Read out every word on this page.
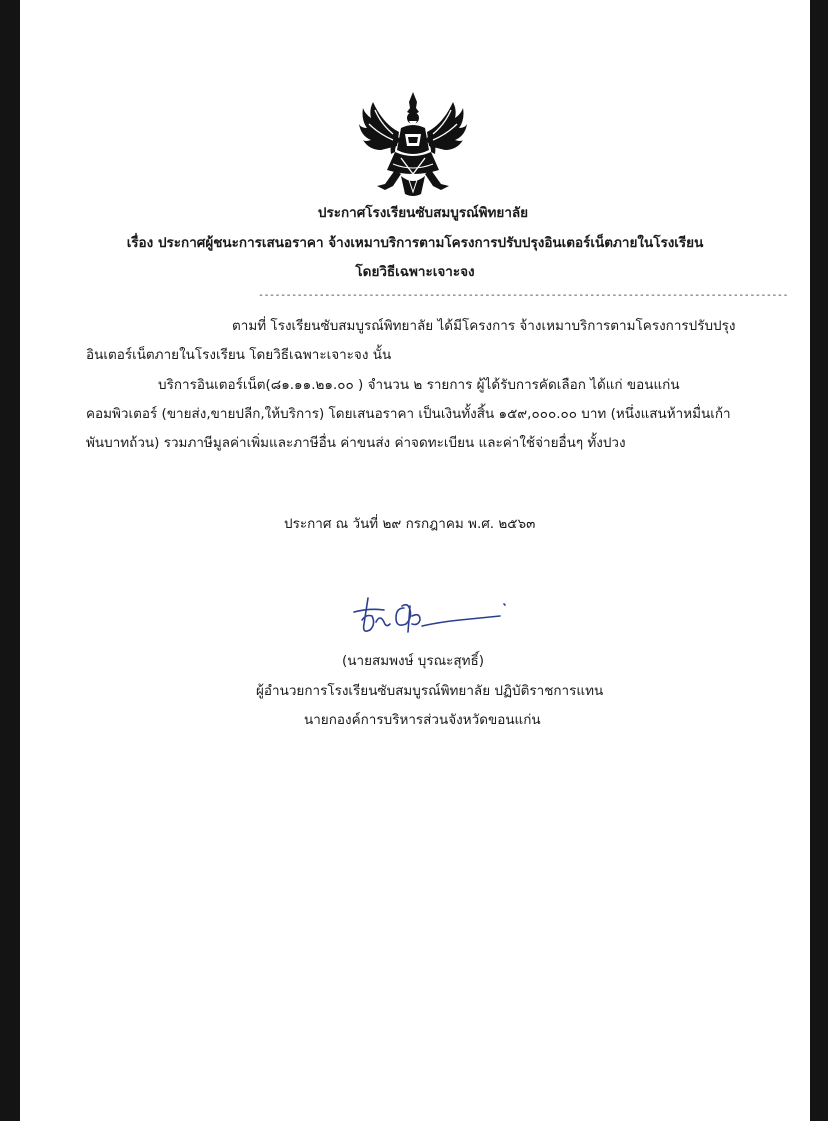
ประกาศโรงเรียนซับสมบูรณ์พิทยาลัย
เรื่อง ประกาศผู้ชนะการเสนอราคา จ้างเหมาบริการตามโครงการปรับปรุงอินเตอร์เน็ตภายในโรงเรียน
โดยวิธีเฉพาะเจาะจง
------------------------------------------------------------------------------------------------
ตามที่ โรงเรียนซับสมบูรณ์พิทยาลัย ได้มีโครงการ จ้างเหมาบริการตามโครงการปรับปรุง
อินเตอร์เน็ตภายในโรงเรียน โดยวิธีเฉพาะเจาะจง นั้น
บริการอินเตอร์เน็ต(๘๑.๑๑.๒๑.๐๐ ) จำนวน ๒ รายการ ผู้ได้รับการคัดเลือก ได้แก่ ขอนแก่น
คอมพิวเตอร์ (ขายส่ง,ขายปลีก,ให้บริการ) โดยเสนอราคา เป็นเงินทั้งสิ้น ๑๕๙,๐๐๐.๐๐ บาท (หนึ่งแสนห้าหมื่นเก้า
พันบาทถ้วน) รวมภาษีมูลค่าเพิ่มและภาษีอื่น ค่าขนส่ง ค่าจดทะเบียน และค่าใช้จ่ายอื่นๆ ทั้งปวง
ประกาศ ณ วันที่ ๒๙ กรกฎาคม พ.ศ. ๒๕๖๓
(นายสมพงษ์ บุรณะสุทธิ์)
ผู้อำนวยการโรงเรียนซับสมบูรณ์พิทยาลัย ปฏิบัติราชการแทน
นายกองค์การบริหารส่วนจังหวัดขอนแก่น
